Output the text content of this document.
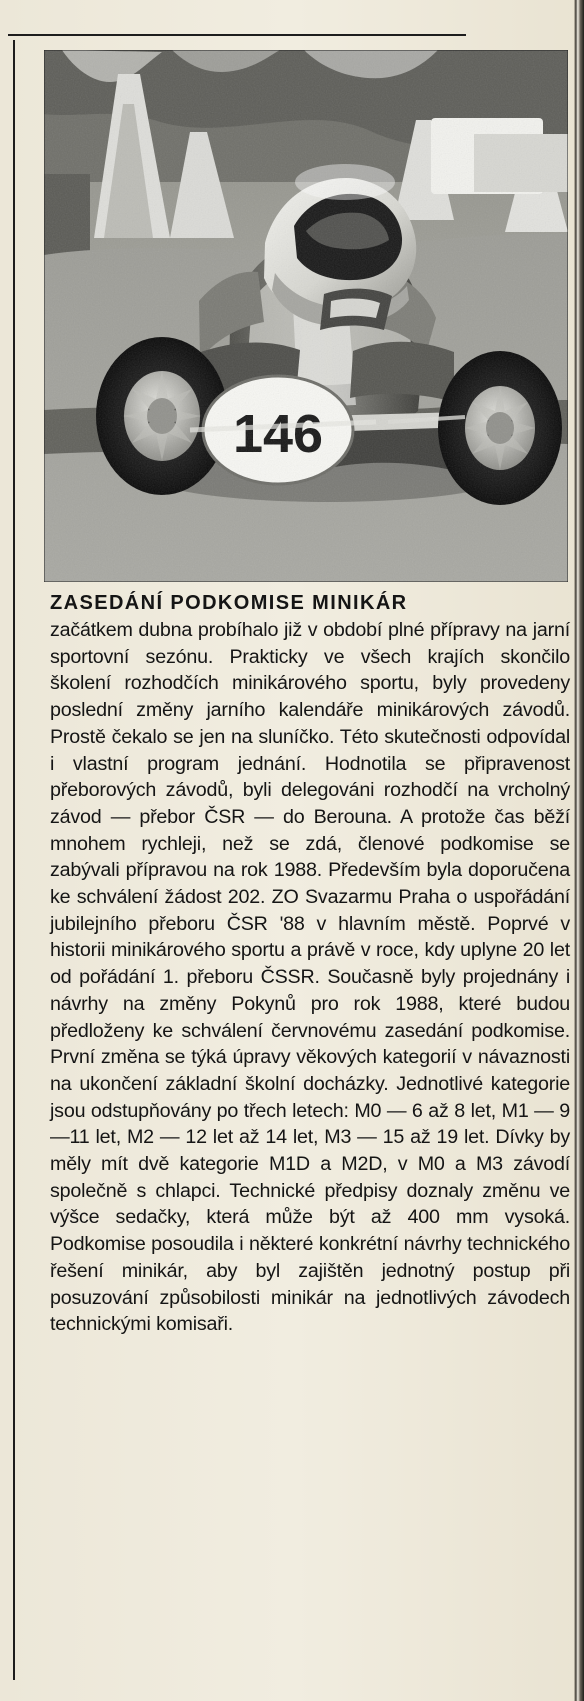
ZASEDÁNÍ PODKOMISE MINIKÁR

začátkem dubna probíhalo již v období plné přípravy na jarní sportovní sezónu. Prakticky ve všech krajích skončilo školení rozhodčích minikárového sportu, byly provedeny poslední změny jarního kalendáře minikárových závodů. Prostě čekalo se jen na sluníčko. Této skutečnosti odpovídal i vlastní program jednání. Hodnotila se připravenost přeborových závodů, byli delegováni rozhodčí na vrcholný závod — přebor ČSR — do Berouna. A protože čas běží mnohem rychleji, než se zdá, členové podkomise se zabývali přípravou na rok 1988. Především byla doporučena ke schválení žádost 202. ZO Svazarmu Praha o uspořádání jubilejního přeboru ČSR '88 v hlavním městě. Poprvé v historii minikárového sportu a právě v roce, kdy uplyne 20 let od pořádání 1. přeboru ČSSR. Současně byly projednány i návrhy na změny Pokynů pro rok 1988, které budou předloženy ke schválení červnovému zasedání podkomise. První změna se týká úpravy věkových kategorií v návaznosti na ukončení základní školní docházky. Jednotlivé kategorie jsou odstupňovány po třech letech: M0 — 6 až 8 let, M1 — 9—11 let, M2 — 12 let až 14 let, M3 — 15 až 19 let. Dívky by měly mít dvě kategorie M1D a M2D, v M0 a M3 závodí společně s chlapci. Technické předpisy doznaly změnu ve výšce sedačky, která může být až 400 mm vysoká. Podkomise posoudila i některé konkrétní návrhy technického řešení minikár, aby byl zajištěn jednotný postup při posuzování způsobilosti minikár na jednotlivých závodech technickými komisaři.
